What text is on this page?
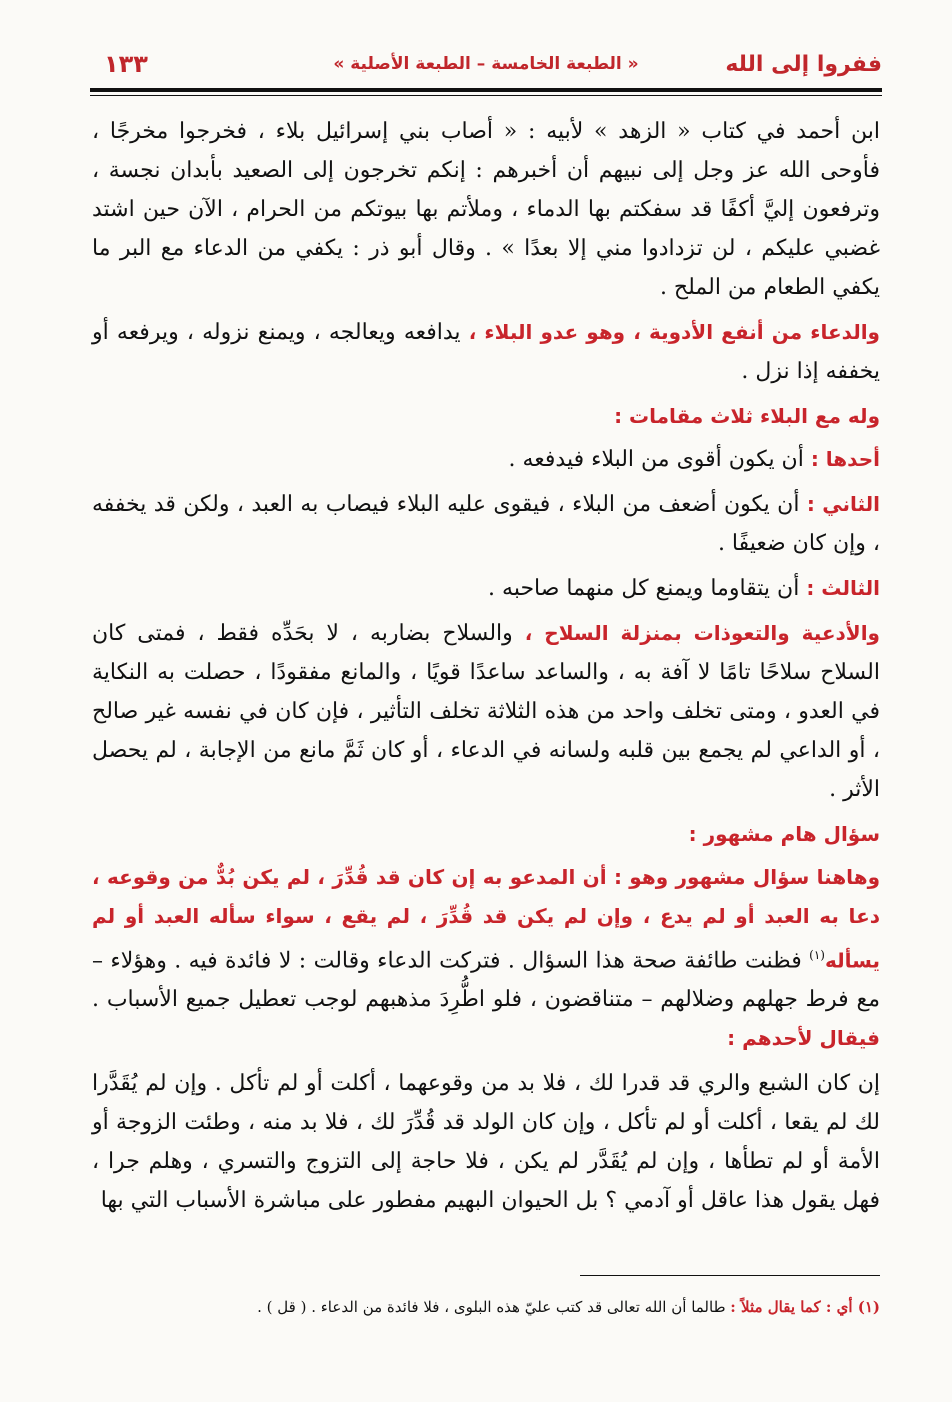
ففروا إلى الله
« الطبعة الخامسة – الطبعة الأصلية »
١٣٣

ابن أحمد في كتاب « الزهد » لأبيه : « أصاب بني إسرائيل بلاء ، فخرجوا مخرجًا ، فأوحى الله عز وجل إلى نبيهم أن أخبرهم : إنكم تخرجون إلى الصعيد بأبدان نجسة ، وترفعون إليَّ أكفًا قد سفكتم بها الدماء ، وملأتم بها بيوتكم من الحرام ، الآن حين اشتد غضبي عليكم ، لن تزدادوا مني إلا بعدًا » . وقال أبو ذر : يكفي من الدعاء مع البر ما يكفي الطعام من الملح .

والدعاء من أنفع الأدوية ، وهو عدو البلاء ، يدافعه ويعالجه ، ويمنع نزوله ، ويرفعه أو يخففه إذا نزل .

وله مع البلاء ثلاث مقامات :

أحدها : أن يكون أقوى من البلاء فيدفعه .

الثاني : أن يكون أضعف من البلاء ، فيقوى عليه البلاء فيصاب به العبد ، ولكن قد يخففه ، وإن كان ضعيفًا .

الثالث : أن يتقاوما ويمنع كل منهما صاحبه .

والأدعية والتعوذات بمنزلة السلاح ، والسلاح بضاربه ، لا بحَدِّه فقط ، فمتى كان السلاح سلاحًا تامًا لا آفة به ، والساعد ساعدًا قويًا ، والمانع مفقودًا ، حصلت به النكاية في العدو ، ومتى تخلف واحد من هذه الثلاثة تخلف التأثير ، فإن كان في نفسه غير صالح ، أو الداعي لم يجمع بين قلبه ولسانه في الدعاء ، أو كان ثَمَّ مانع من الإجابة ، لم يحصل الأثر .

سؤال هام مشهور :

وهاهنا سؤال مشهور وهو : أن المدعو به إن كان قد قُدِّرَ ، لم يكن بُدٌّ من وقوعه ، دعا به العبد أو لم يدع ، وإن لم يكن قد قُدِّرَ ، لم يقع ، سواء سأله العبد أو لم يسأله$^{(١)}$ فظنت طائفة صحة هذا السؤال . فتركت الدعاء وقالت : لا فائدة فيه . وهؤلاء – مع فرط جهلهم وضلالهم – متناقضون ، فلو اطُّرِدَ مذهبهم لوجب تعطيل جميع الأسباب . فيقال لأحدهم :

إن كان الشبع والري قد قدرا لك ، فلا بد من وقوعهما ، أكلت أو لم تأكل . وإن لم يُقَدَّرا لك لم يقعا ، أكلت أو لم تأكل ، وإن كان الولد قد قُدِّرَ لك ، فلا بد منه ، وطئت الزوجة أو الأمة أو لم تطأها ، وإن لم يُقَدَّر لم يكن ، فلا حاجة إلى التزوج والتسري ، وهلم جرا ، فهل يقول هذا عاقل أو آدمي ؟ بل الحيوان البهيم مفطور على مباشرة الأسباب التي بها

(١) أي : كما يقال مثلاً : طالما أن الله تعالى قد كتب عليّ هذه البلوى ، فلا فائدة من الدعاء . ( قل ) .
